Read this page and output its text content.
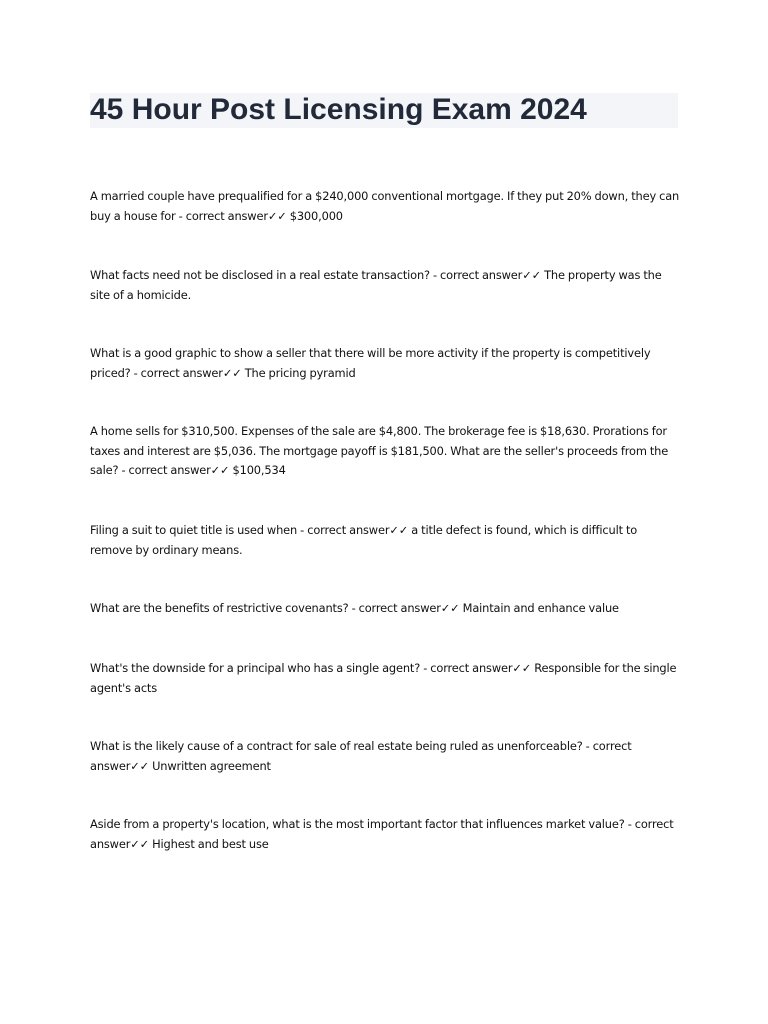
45 Hour Post Licensing Exam 2024
A married couple have prequalified for a $240,000 conventional mortgage. If they put 20% down, they can buy a house for - correct answer✓✓ $300,000
What facts need not be disclosed in a real estate transaction? - correct answer✓✓ The property was the site of a homicide.
What is a good graphic to show a seller that there will be more activity if the property is competitively priced? - correct answer✓✓ The pricing pyramid
A home sells for $310,500. Expenses of the sale are $4,800. The brokerage fee is $18,630. Prorations for taxes and interest are $5,036. The mortgage payoff is $181,500. What are the seller's proceeds from the sale? - correct answer✓✓ $100,534
Filing a suit to quiet title is used when - correct answer✓✓ a title defect is found, which is difficult to remove by ordinary means.
What are the benefits of restrictive covenants? - correct answer✓✓ Maintain and enhance value
What's the downside for a principal who has a single agent? - correct answer✓✓ Responsible for the single agent's acts
What is the likely cause of a contract for sale of real estate being ruled as unenforceable? - correct answer✓✓ Unwritten agreement
Aside from a property's location, what is the most important factor that influences market value? - correct answer✓✓ Highest and best use
